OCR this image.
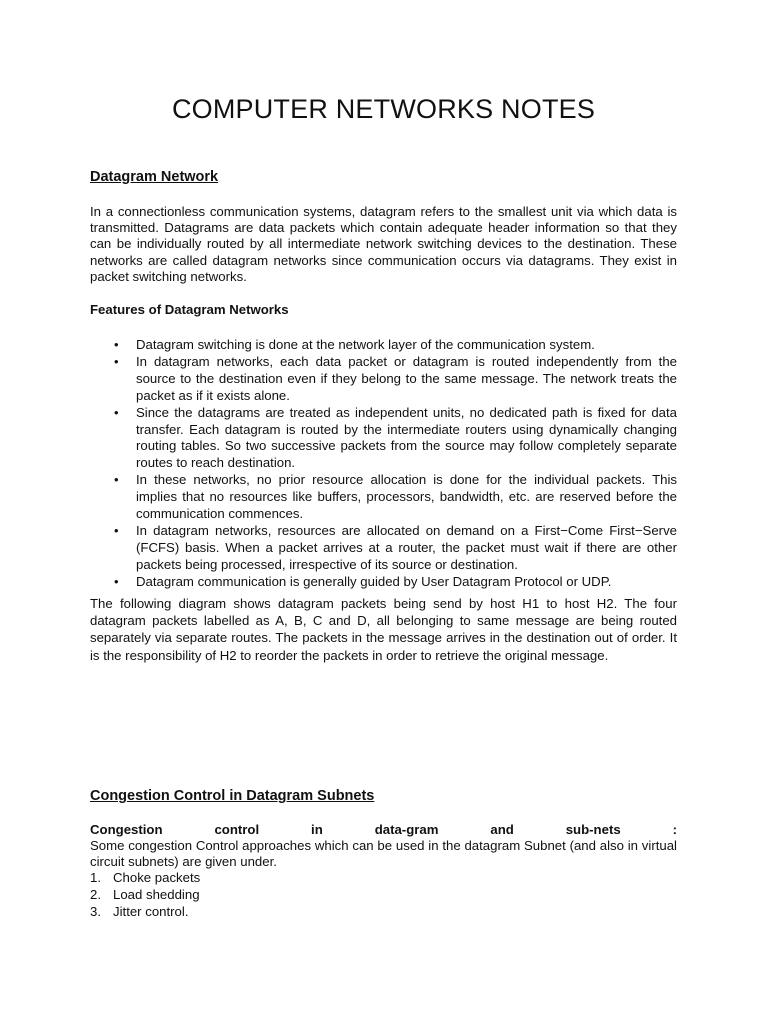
COMPUTER NETWORKS NOTES
Datagram Network

In a connectionless communication systems, datagram refers to the smallest unit via which data is transmitted. Datagrams are data packets which contain adequate header information so that they can be individually routed by all intermediate network switching devices to the destination. These networks are called datagram networks since communication occurs via datagrams. They exist in packet switching networks.

Features of Datagram Networks
• Datagram switching is done at the network layer of the communication system.
• In datagram networks, each data packet or datagram is routed independently from the source to the destination even if they belong to the same message. The network treats the packet as if it exists alone.
• Since the datagrams are treated as independent units, no dedicated path is fixed for data transfer. Each datagram is routed by the intermediate routers using dynamically changing routing tables. So two successive packets from the source may follow completely separate routes to reach destination.
• In these networks, no prior resource allocation is done for the individual packets. This implies that no resources like buffers, processors, bandwidth, etc. are reserved before the communication commences.
• In datagram networks, resources are allocated on demand on a First−Come First−Serve (FCFS) basis. When a packet arrives at a router, the packet must wait if there are other packets being processed, irrespective of its source or destination.
• Datagram communication is generally guided by User Datagram Protocol or UDP.

The following diagram shows datagram packets being send by host H1 to host H2. The four datagram packets labelled as A, B, C and D, all belonging to same message are being routed separately via separate routes. The packets in the message arrives in the destination out of order. It is the responsibility of H2 to reorder the packets in order to retrieve the original message.

Congestion Control in Datagram Subnets
Congestion	control	in	data-gram	and	sub-nets	:

Some congestion Control approaches which can be used in the datagram Subnet (and also in virtual circuit subnets) are given under.

1. Choke packets
2. Load shedding
3. Jitter control.
